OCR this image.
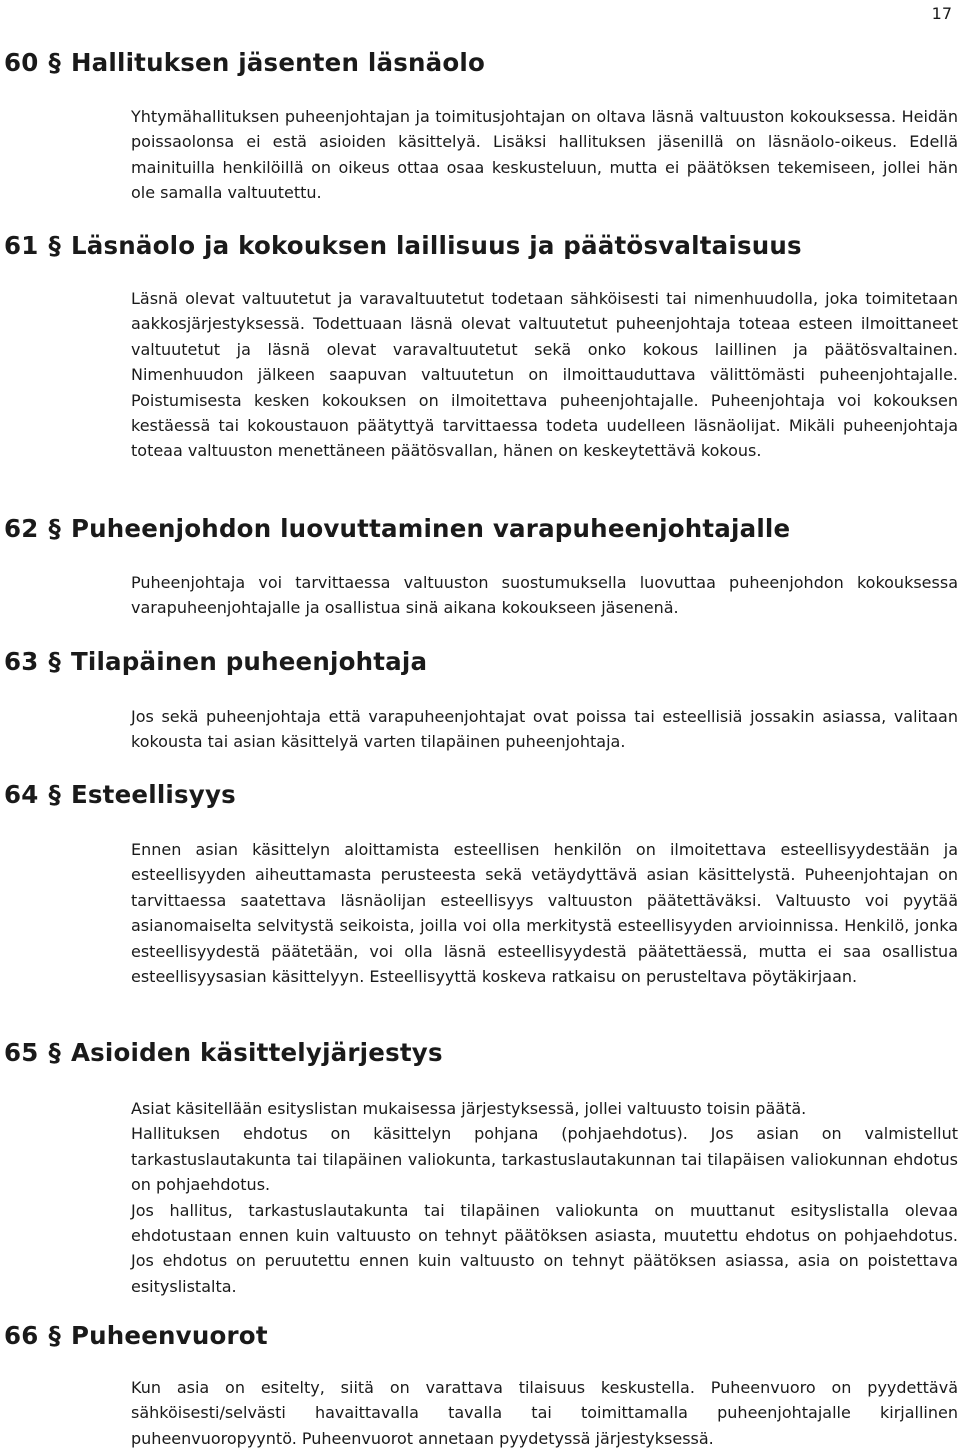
17
60 § Hallituksen jäsenten läsnäolo

Yhtymähallituksen puheenjohtajan ja toimitusjohtajan on oltava läsnä valtuuston kokouksessa. Heidän poissaolonsa ei estä asioiden käsittelyä. Lisäksi hallituksen jäsenillä on läsnäolo-oikeus. Edellä mainituilla henkilöillä on oikeus ottaa osaa keskusteluun, mutta ei päätöksen tekemiseen, jollei hän ole samalla valtuutettu.

61 § Läsnäolo ja kokouksen laillisuus ja päätösvaltaisuus

Läsnä olevat valtuutetut ja varavaltuutetut todetaan sähköisesti tai nimenhuudolla, joka toimitetaan aakkosjärjestyksessä. Todettuaan läsnä olevat valtuutetut puheenjohtaja toteaa esteen ilmoittaneet valtuutetut ja läsnä olevat varavaltuutetut sekä onko kokous laillinen ja päätösvaltainen. Nimenhuudon jälkeen saapuvan valtuutetun on ilmoittauduttava välittömästi puheenjohtajalle. Poistumisesta kesken kokouksen on ilmoitettava puheenjohtajalle. Puheenjohtaja voi kokouksen kestäessä tai kokoustauon päätyttyä tarvittaessa todeta uudelleen läsnäolijat. Mikäli puheenjohtaja toteaa valtuuston menettäneen päätösvallan, hänen on keskeytettävä kokous.

62 § Puheenjohdon luovuttaminen varapuheenjohtajalle

Puheenjohtaja voi tarvittaessa valtuuston suostumuksella luovuttaa puheenjohdon kokouksessa varapuheenjohtajalle ja osallistua sinä aikana kokoukseen jäsenenä.

63 § Tilapäinen puheenjohtaja

Jos sekä puheenjohtaja että varapuheenjohtajat ovat poissa tai esteellisiä jossakin asiassa, valitaan kokousta tai asian käsittelyä varten tilapäinen puheenjohtaja.

64 § Esteellisyys

Ennen asian käsittelyn aloittamista esteellisen henkilön on ilmoitettava esteellisyydestään ja esteellisyyden aiheuttamasta perusteesta sekä vetäydyttävä asian käsittelystä. Puheenjohtajan on tarvittaessa saatettava läsnäolijan esteellisyys valtuuston päätettäväksi. Valtuusto voi pyytää asianomaiselta selvitystä seikoista, joilla voi olla merkitystä esteellisyyden arvioinnissa. Henkilö, jonka esteellisyydestä päätetään, voi olla läsnä esteellisyydestä päätettäessä, mutta ei saa osallistua esteellisyysasian käsittelyyn. Esteellisyyttä koskeva ratkaisu on perusteltava pöytäkirjaan.

65 § Asioiden käsittelyjärjestys

Asiat käsitellään esityslistan mukaisessa järjestyksessä, jollei valtuusto toisin päätä.

Hallituksen ehdotus on käsittelyn pohjana (pohjaehdotus). Jos asian on valmistellut tarkastuslautakunta tai tilapäinen valiokunta, tarkastuslautakunnan tai tilapäisen valiokunnan ehdotus on pohjaehdotus.

Jos hallitus, tarkastuslautakunta tai tilapäinen valiokunta on muuttanut esityslistalla olevaa ehdotustaan ennen kuin valtuusto on tehnyt päätöksen asiasta, muutettu ehdotus on pohjaehdotus. Jos ehdotus on peruutettu ennen kuin valtuusto on tehnyt päätöksen asiassa, asia on poistettava esityslistalta.

66 § Puheenvuorot

Kun asia on esitelty, siitä on varattava tilaisuus keskustella. Puheenvuoro on pyydettävä sähköisesti/selvästi havaittavalla tavalla tai toimittamalla puheenjohtajalle kirjallinen puheenvuoropyyntö. Puheenvuorot annetaan pyydetyssä järjestyksessä.
